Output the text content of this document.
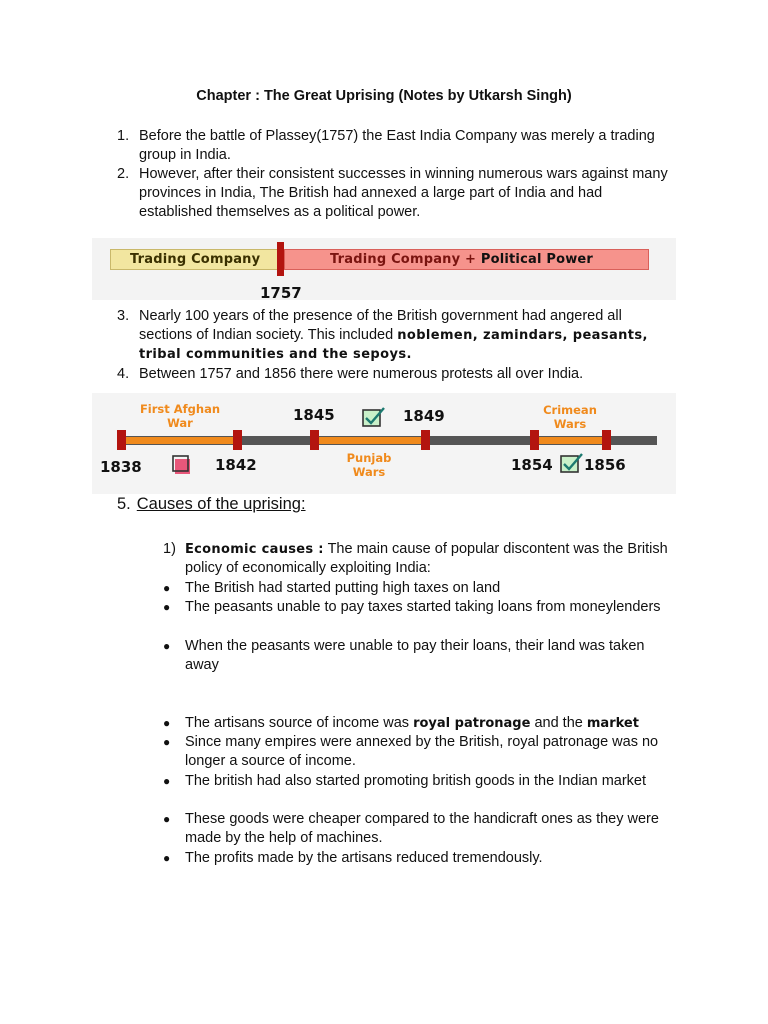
Chapter : The Great Uprising (Notes by Utkarsh Singh)
1. Before the battle of Plassey(1757) the East India Company was merely a trading group in India.
2. However, after their consistent successes in winning numerous wars against many provinces in India, The British had annexed a large part of India and had established themselves as a political power.
Trading Company	Trading Company + Political Power
1757
3. Nearly 100 years of the presence of the British government had angered all sections of Indian society. This included noblemen, zamindars, peasants, tribal communities and the sepoys.
4. Between 1757 and 1856 there were numerous protests all over India.
First Afghan War
Punjab Wars
Crimean Wars
1838	1842
1845	1849
1854 1856
5. Causes of the uprising:
1) Economic causes : The main cause of popular discontent was the British policy of economically exploiting India:
● The British had started putting high taxes on land
● The peasants unable to pay taxes started taking loans from moneylenders
● When the peasants were unable to pay their loans, their land was taken away
● The artisans source of income was royal patronage and the market
● Since many empires were annexed by the British, royal patronage was no longer a source of income.
● The british had also started promoting british goods in the Indian market
● These goods were cheaper compared to the handicraft ones as they were made by the help of machines.
● The profits made by the artisans reduced tremendously.
